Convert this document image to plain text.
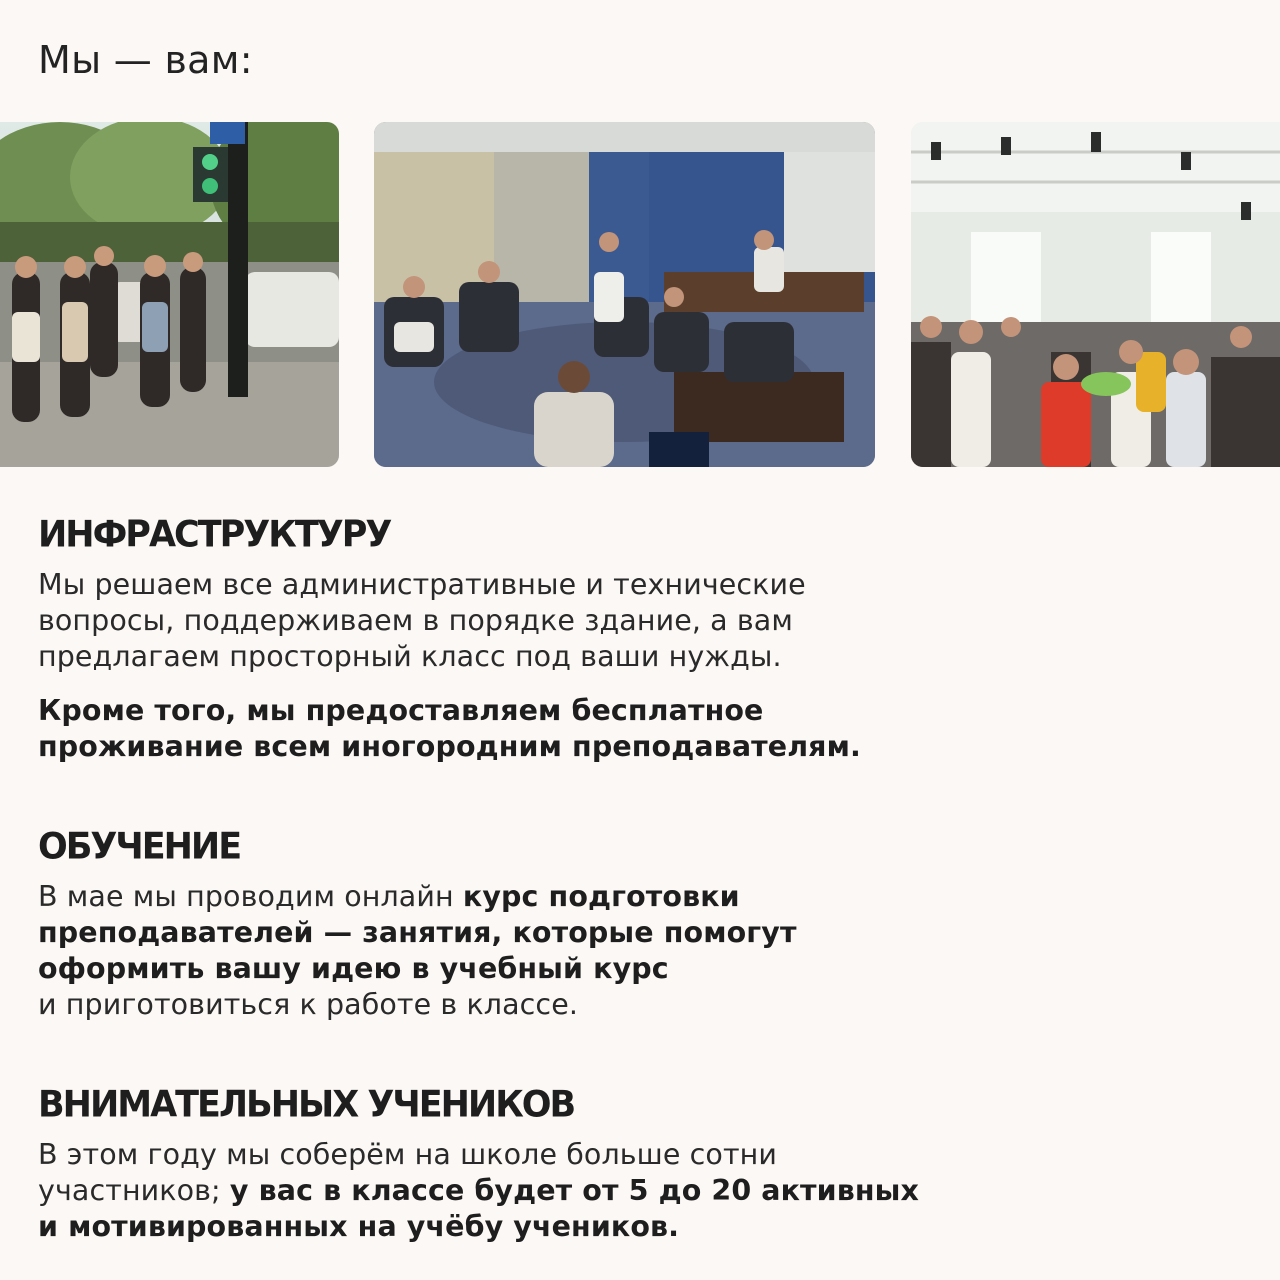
Мы — вам:
ИНФРАСТРУКТУРУ

Мы решаем все административные и технические
вопросы, поддерживаем в порядке здание, а вам
предлагаем просторный класс под ваши нужды.

Кроме того, мы предоставляем бесплатное
проживание всем иногородним преподавателям.

ОБУЧЕНИЕ

В мае мы проводим онлайн курс подготовки
преподавателей — занятия, которые помогут
оформить вашу идею в учебный курс
и приготовиться к работе в классе.

ВНИМАТЕЛЬНЫХ УЧЕНИКОВ

В этом году мы соберём на школе больше сотни
участников; у вас в классе будет от 5 до 20 активных
и мотивированных на учёбу учеников.
